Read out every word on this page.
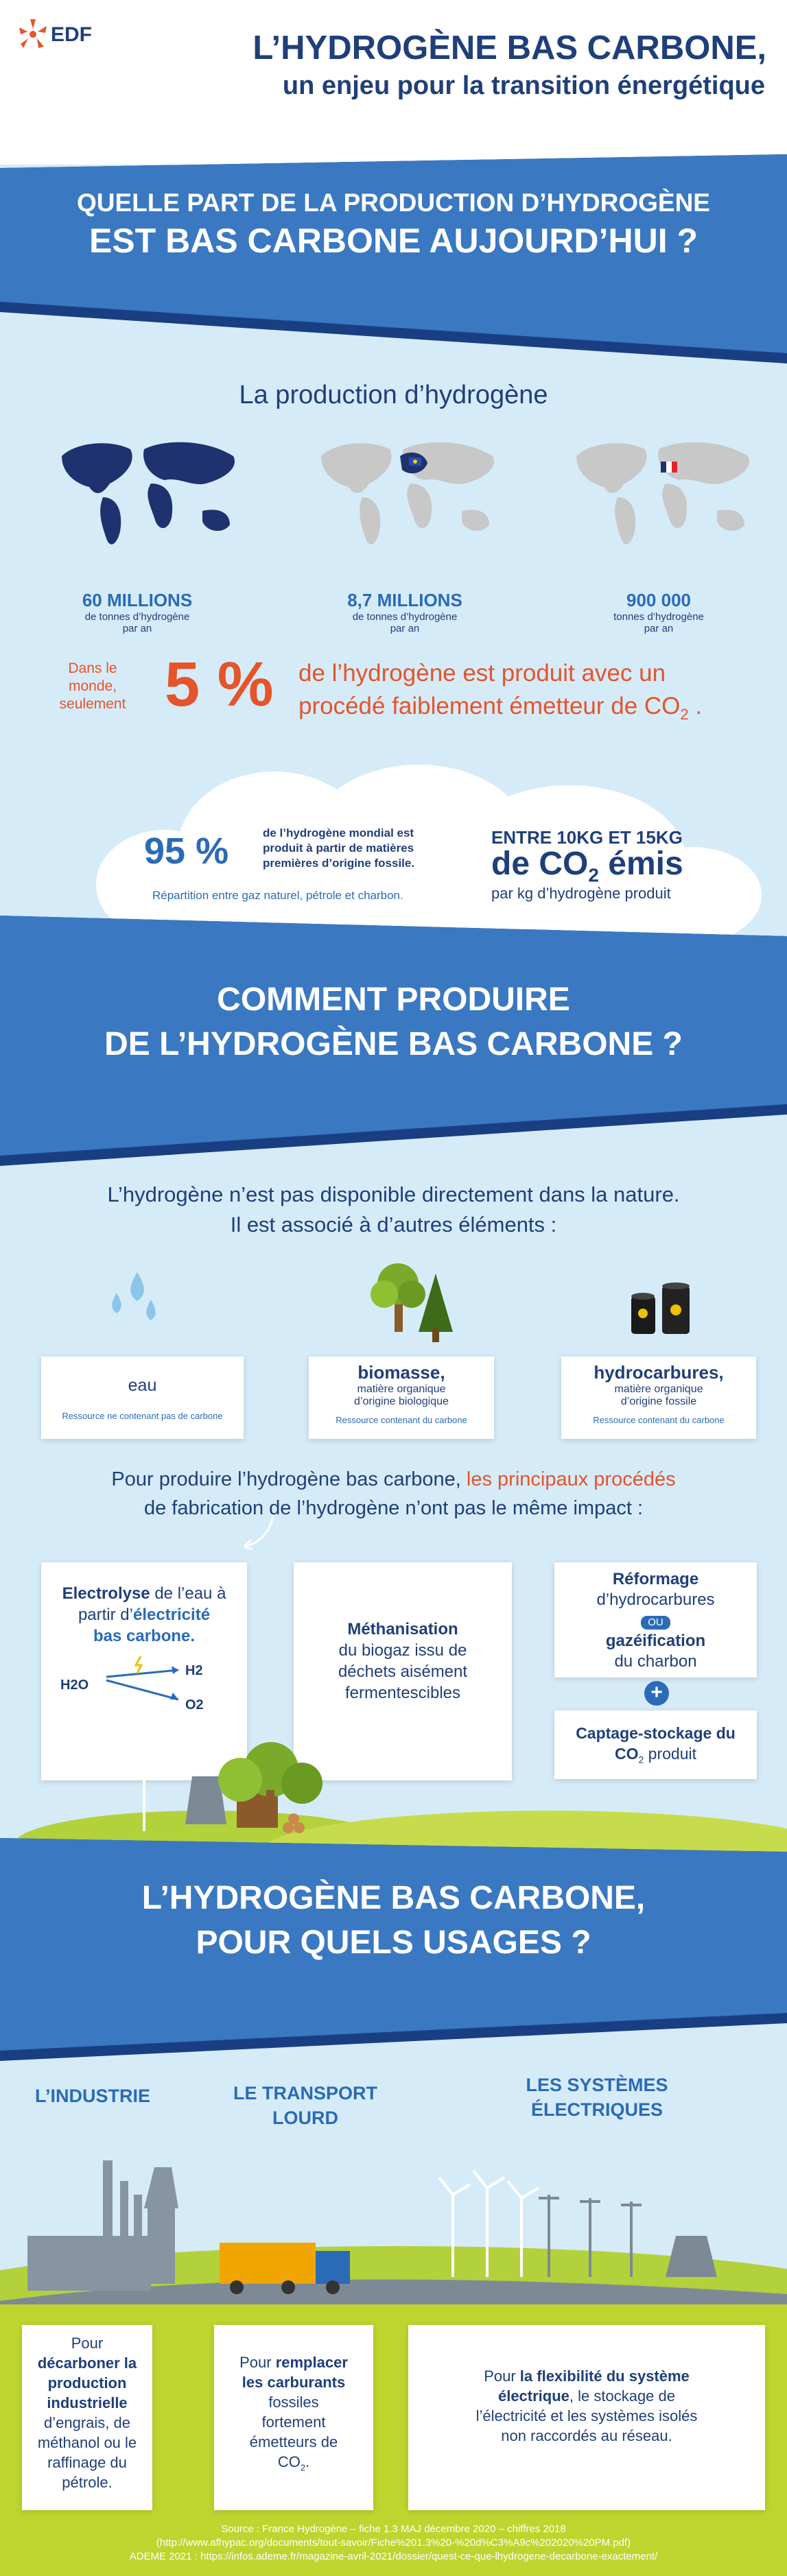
EDF	L’HYDROGÈNE BAS CARBONE,
un enjeu pour la transition énergétique
QUELLE PART DE LA PRODUCTION D’HYDROGÈNE
EST BAS CARBONE AUJOURD’HUI ?
La production d’hydrogène
60 MILLIONS
de tonnes d’hydrogène
par an
8,7 MILLIONS
de tonnes d’hydrogène
par an
900 000
tonnes d’hydrogène
par an
Dans le
monde,
seulement 5 % de l’hydrogène est produit avec un
procédé faiblement émetteur de $CO_2$ .
95 %	de l’hydrogène mondial est
produit à partir de matières
premières d’origine fossile.
Répartition entre gaz naturel, pétrole et charbon.
ENTRE 10KG ET 15KG
de $CO_2$ émis
par kg d’hydrogène produit
COMMENT PRODUIRE
DE L’HYDROGÈNE BAS CARBONE ?
L’hydrogène n’est pas disponible directement dans la nature.
Il est associé à d’autres éléments :
eau
Ressource ne contenant pas de carbone
biomasse,
matière organique
d’origine biologique
Ressource contenant du carbone
hydrocarbures,
matière organique
d’origine fossile
Ressource contenant du carbone
Pour produire l’hydrogène bas carbone, les principaux procédés
de fabrication de l’hydrogène n’ont pas le même impact :
Electrolyse de l’eau à
partir d’électricité
bas carbone.
H2O
H2
O2
Méthanisation
du biogaz issu de
déchets aisément
fermentescibles
Réformage
d’hydrocarbures
OU
gazéification
du charbon
+
Captage-stockage du
$CO_2$ produit
L’HYDROGÈNE BAS CARBONE,
POUR QUELS USAGES ?
L’INDUSTRIE	LE TRANSPORT
LOURD
LES SYSTÈMES
ÉLECTRIQUES
Pour
décarboner la
production
industrielle
d’engrais, de
méthanol ou le
raffinage du
pétrole.
Pour remplacer
les carburants
fossiles
fortement
émetteurs de
$CO_2$.
Pour la flexibilité du système
électrique, le stockage de
l’électricité et les systèmes isolés
non raccordés au réseau.
Source : France Hydrogène – fiche 1.3 MAJ décembre 2020 – chiffres 2018
(http://www.afhypac.org/documents/tout-savoir/Fiche%201.3%20-%20d%C3%A9c%202020%20PM.pdf)
ADEME 2021 : https://infos.ademe.fr/magazine-avril-2021/dossier/quest-ce-que-lhydrogene-decarbone-exactement/
